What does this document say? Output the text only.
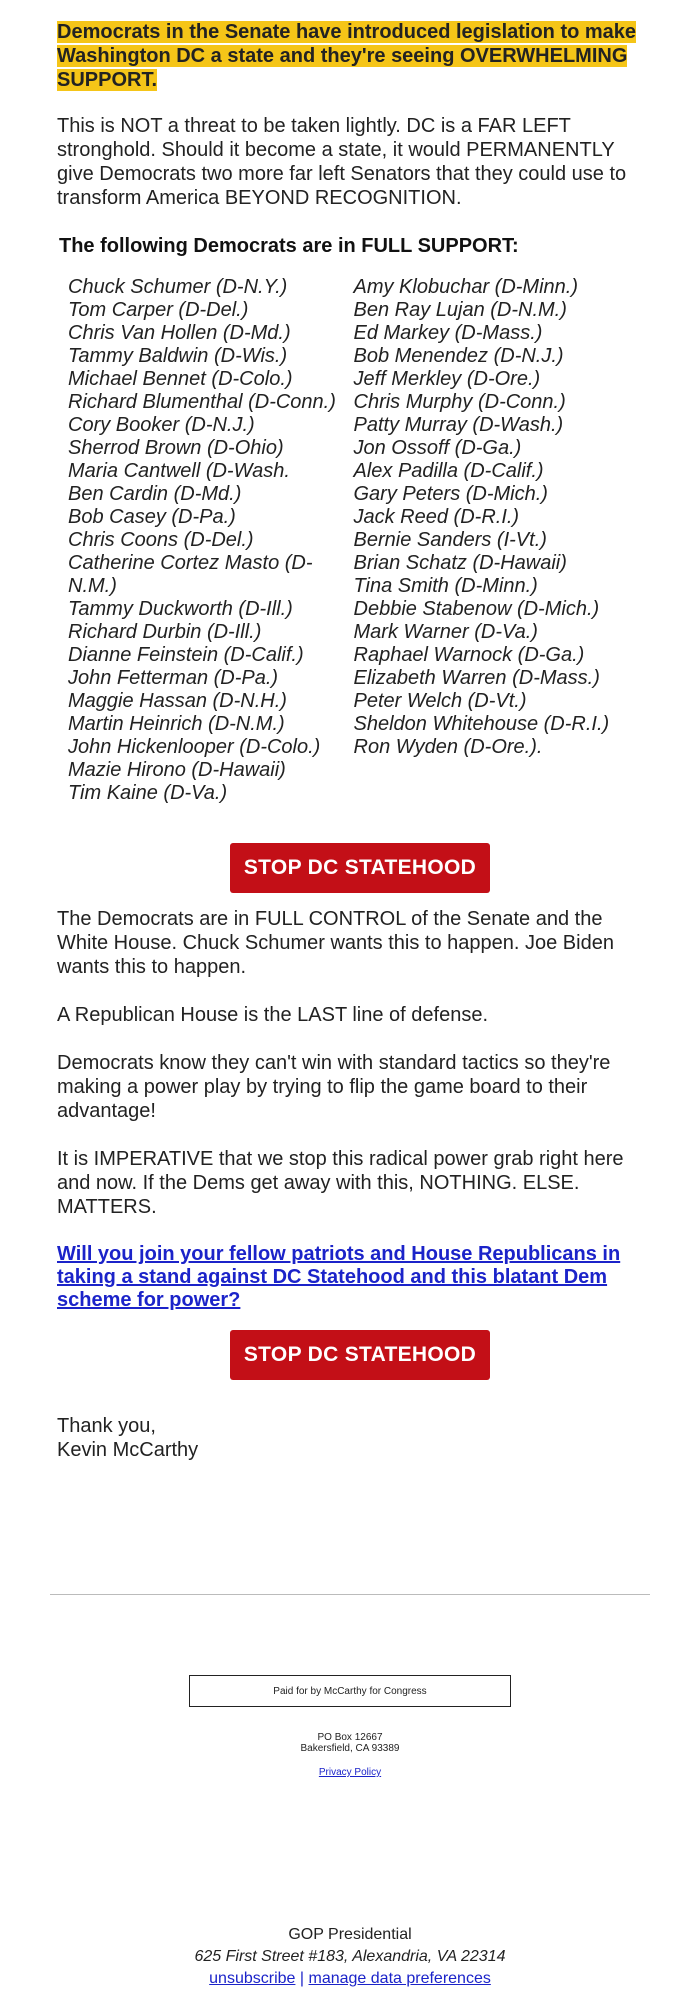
Democrats in the Senate have introduced legislation to make Washington DC a state and they're seeing OVERWHELMING SUPPORT.

This is NOT a threat to be taken lightly. DC is a FAR LEFT stronghold. Should it become a state, it would PERMANENTLY give Democrats two more far left Senators that they could use to transform America BEYOND RECOGNITION.

The following Democrats are in FULL SUPPORT:

Chuck Schumer (D-N.Y.)

Tom Carper (D-Del.)

Chris Van Hollen (D-Md.)

Tammy Baldwin (D-Wis.)

Michael Bennet (D-Colo.)

Richard Blumenthal (D-Conn.)

Cory Booker (D-N.J.)

Sherrod Brown (D-Ohio)

Maria Cantwell (D-Wash.

Ben Cardin (D-Md.)

Bob Casey (D-Pa.)

Chris Coons (D-Del.)

Catherine Cortez Masto (D-N.M.)

Tammy Duckworth (D-Ill.)

Richard Durbin (D-Ill.)

Dianne Feinstein (D-Calif.)

John Fetterman (D-Pa.)

Maggie Hassan (D-N.H.)

Martin Heinrich (D-N.M.)

John Hickenlooper (D-Colo.)

Mazie Hirono (D-Hawaii)

Tim Kaine (D-Va.)

Amy Klobuchar (D-Minn.)

Ben Ray Lujan (D-N.M.)

Ed Markey (D-Mass.)

Bob Menendez (D-N.J.)

Jeff Merkley (D-Ore.)

Chris Murphy (D-Conn.)

Patty Murray (D-Wash.)

Jon Ossoff (D-Ga.)

Alex Padilla (D-Calif.)

Gary Peters (D-Mich.)

Jack Reed (D-R.I.)

Bernie Sanders (I-Vt.)

Brian Schatz (D-Hawaii)

Tina Smith (D-Minn.)

Debbie Stabenow (D-Mich.)

Mark Warner (D-Va.)

Raphael Warnock (D-Ga.)

Elizabeth Warren (D-Mass.)

Peter Welch (D-Vt.)

Sheldon Whitehouse (D-R.I.)

Ron Wyden (D-Ore.).

STOP DC STATEHOOD

The Democrats are in FULL CONTROL of the Senate and the White House. Chuck Schumer wants this to happen. Joe Biden wants this to happen.

A Republican House is the LAST line of defense.

Democrats know they can't win with standard tactics so they're making a power play by trying to flip the game board to their advantage!

It is IMPERATIVE that we stop this radical power grab right here and now. If the Dems get away with this, NOTHING. ELSE. MATTERS.

Will you join your fellow patriots and House Republicans in taking a stand against DC Statehood and this blatant Dem scheme for power?
STOP DC STATEHOOD

Thank you,

Kevin McCarthy

Paid for by McCarthy for Congress
PO Box 12667
Bakersfield, CA 93389
Privacy Policy
GOP Presidential
625 First Street #183, Alexandria, VA 22314
unsubscribe | manage data preferences
